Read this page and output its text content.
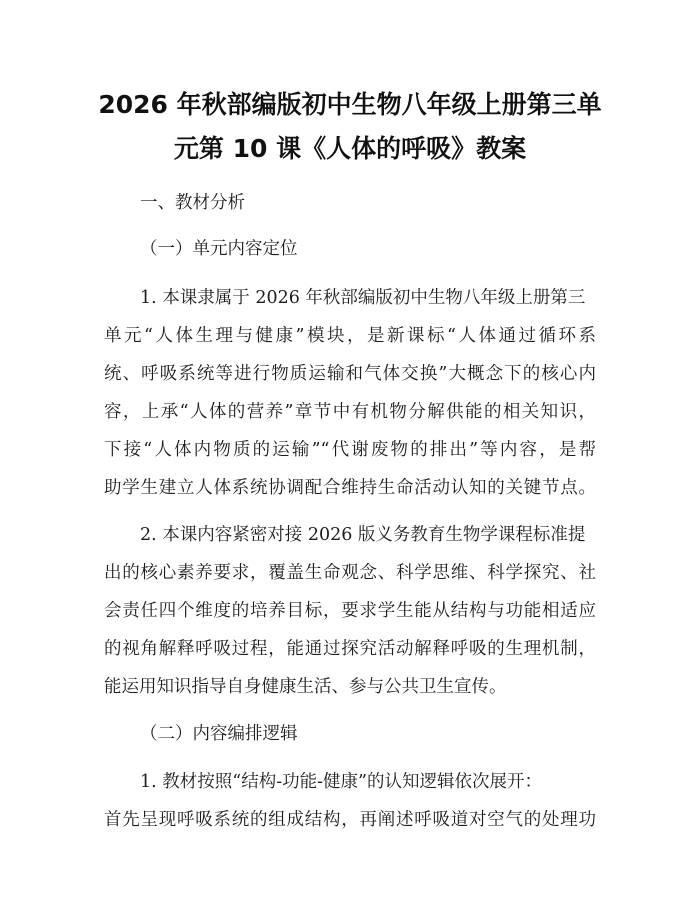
2026 年秋部编版初中生物八年级上册第三单
元第 10 课《人体的呼吸》教案
一、教材分析
（一）单元内容定位
1. 本课隶属于 2026 年秋部编版初中生物八年级上册第三
单元“人体生理与健康”模块，是新课标“人体通过循环系
统、呼吸系统等进行物质运输和气体交换”大概念下的核心内
容，上承“人体的营养”章节中有机物分解供能的相关知识，
下接“人体内物质的运输”“代谢废物的排出”等内容，是帮
助学生建立人体系统协调配合维持生命活动认知的关键节点。
2. 本课内容紧密对接 2026 版义务教育生物学课程标准提
出的核心素养要求，覆盖生命观念、科学思维、科学探究、社
会责任四个维度的培养目标，要求学生能从结构与功能相适应
的视角解释呼吸过程，能通过探究活动解释呼吸的生理机制，
能运用知识指导自身健康生活、参与公共卫生宣传。
（二）内容编排逻辑
1. 教材按照“结构-功能-健康”的认知逻辑依次展开：
首先呈现呼吸系统的组成结构，再阐述呼吸道对空气的处理功
